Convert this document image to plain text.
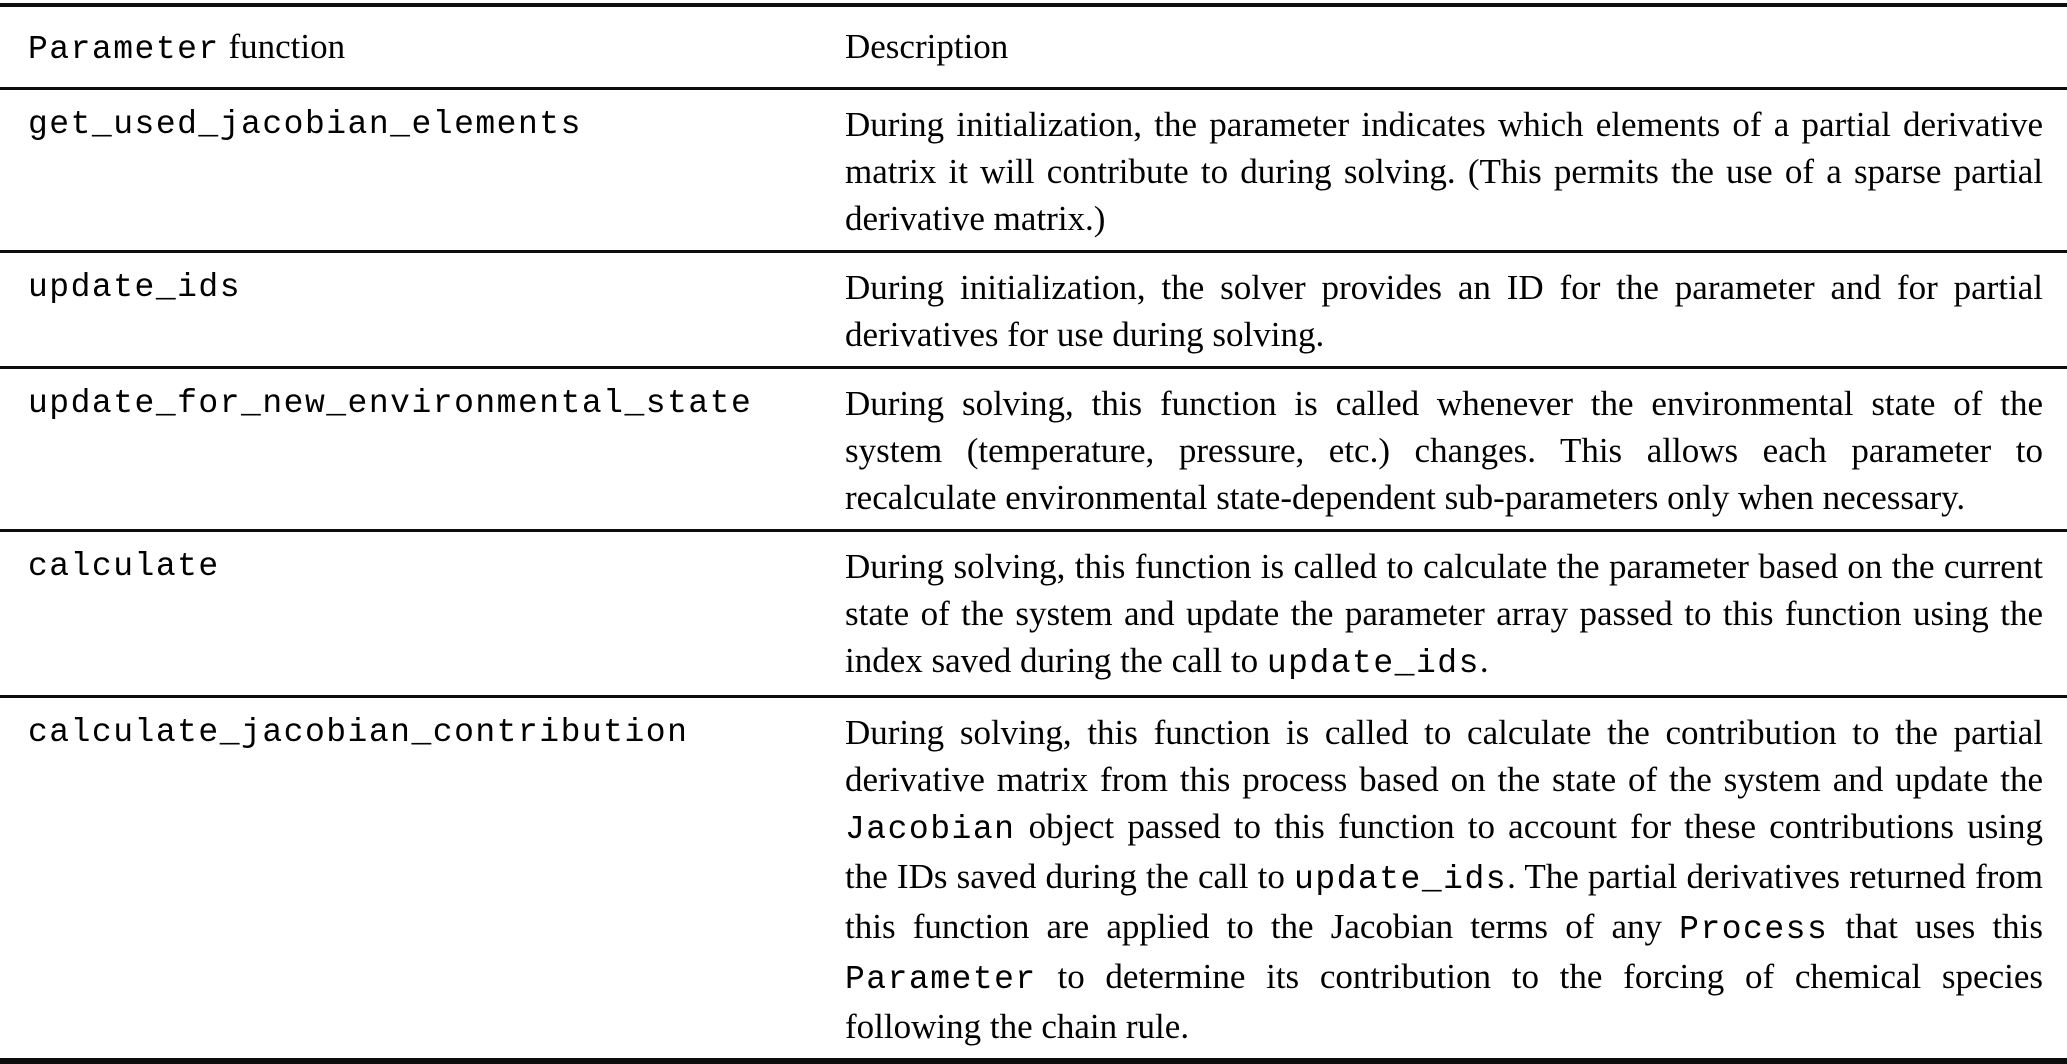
Parameter function	Description
get_used_jacobian_elements	During initialization, the parameter indicates which elements of a partial derivative matrix it will contribute to during solving. (This permits the use of a sparse partial derivative matrix.)
update_ids	During initialization, the solver provides an ID for the parameter and for partial derivatives for use during solving.
update_for_new_environmental_state	During solving, this function is called whenever the environmental state of the system (temperature, pressure, etc.) changes. This allows each parameter to recalculate environmental state-dependent sub-parameters only when necessary.
calculate	During solving, this function is called to calculate the parameter based on the current state of the system and update the parameter array passed to this function using the index saved during the call to update_ids.
calculate_jacobian_contribution	During solving, this function is called to calculate the contribution to the partial derivative matrix from this process based on the state of the system and update the Jacobian object passed to this function to account for these contributions using the IDs saved during the call to update_ids. The partial derivatives returned from this function are applied to the Jacobian terms of any Process that uses this Parameter to determine its contribution to the forcing of chemical species following the chain rule.
